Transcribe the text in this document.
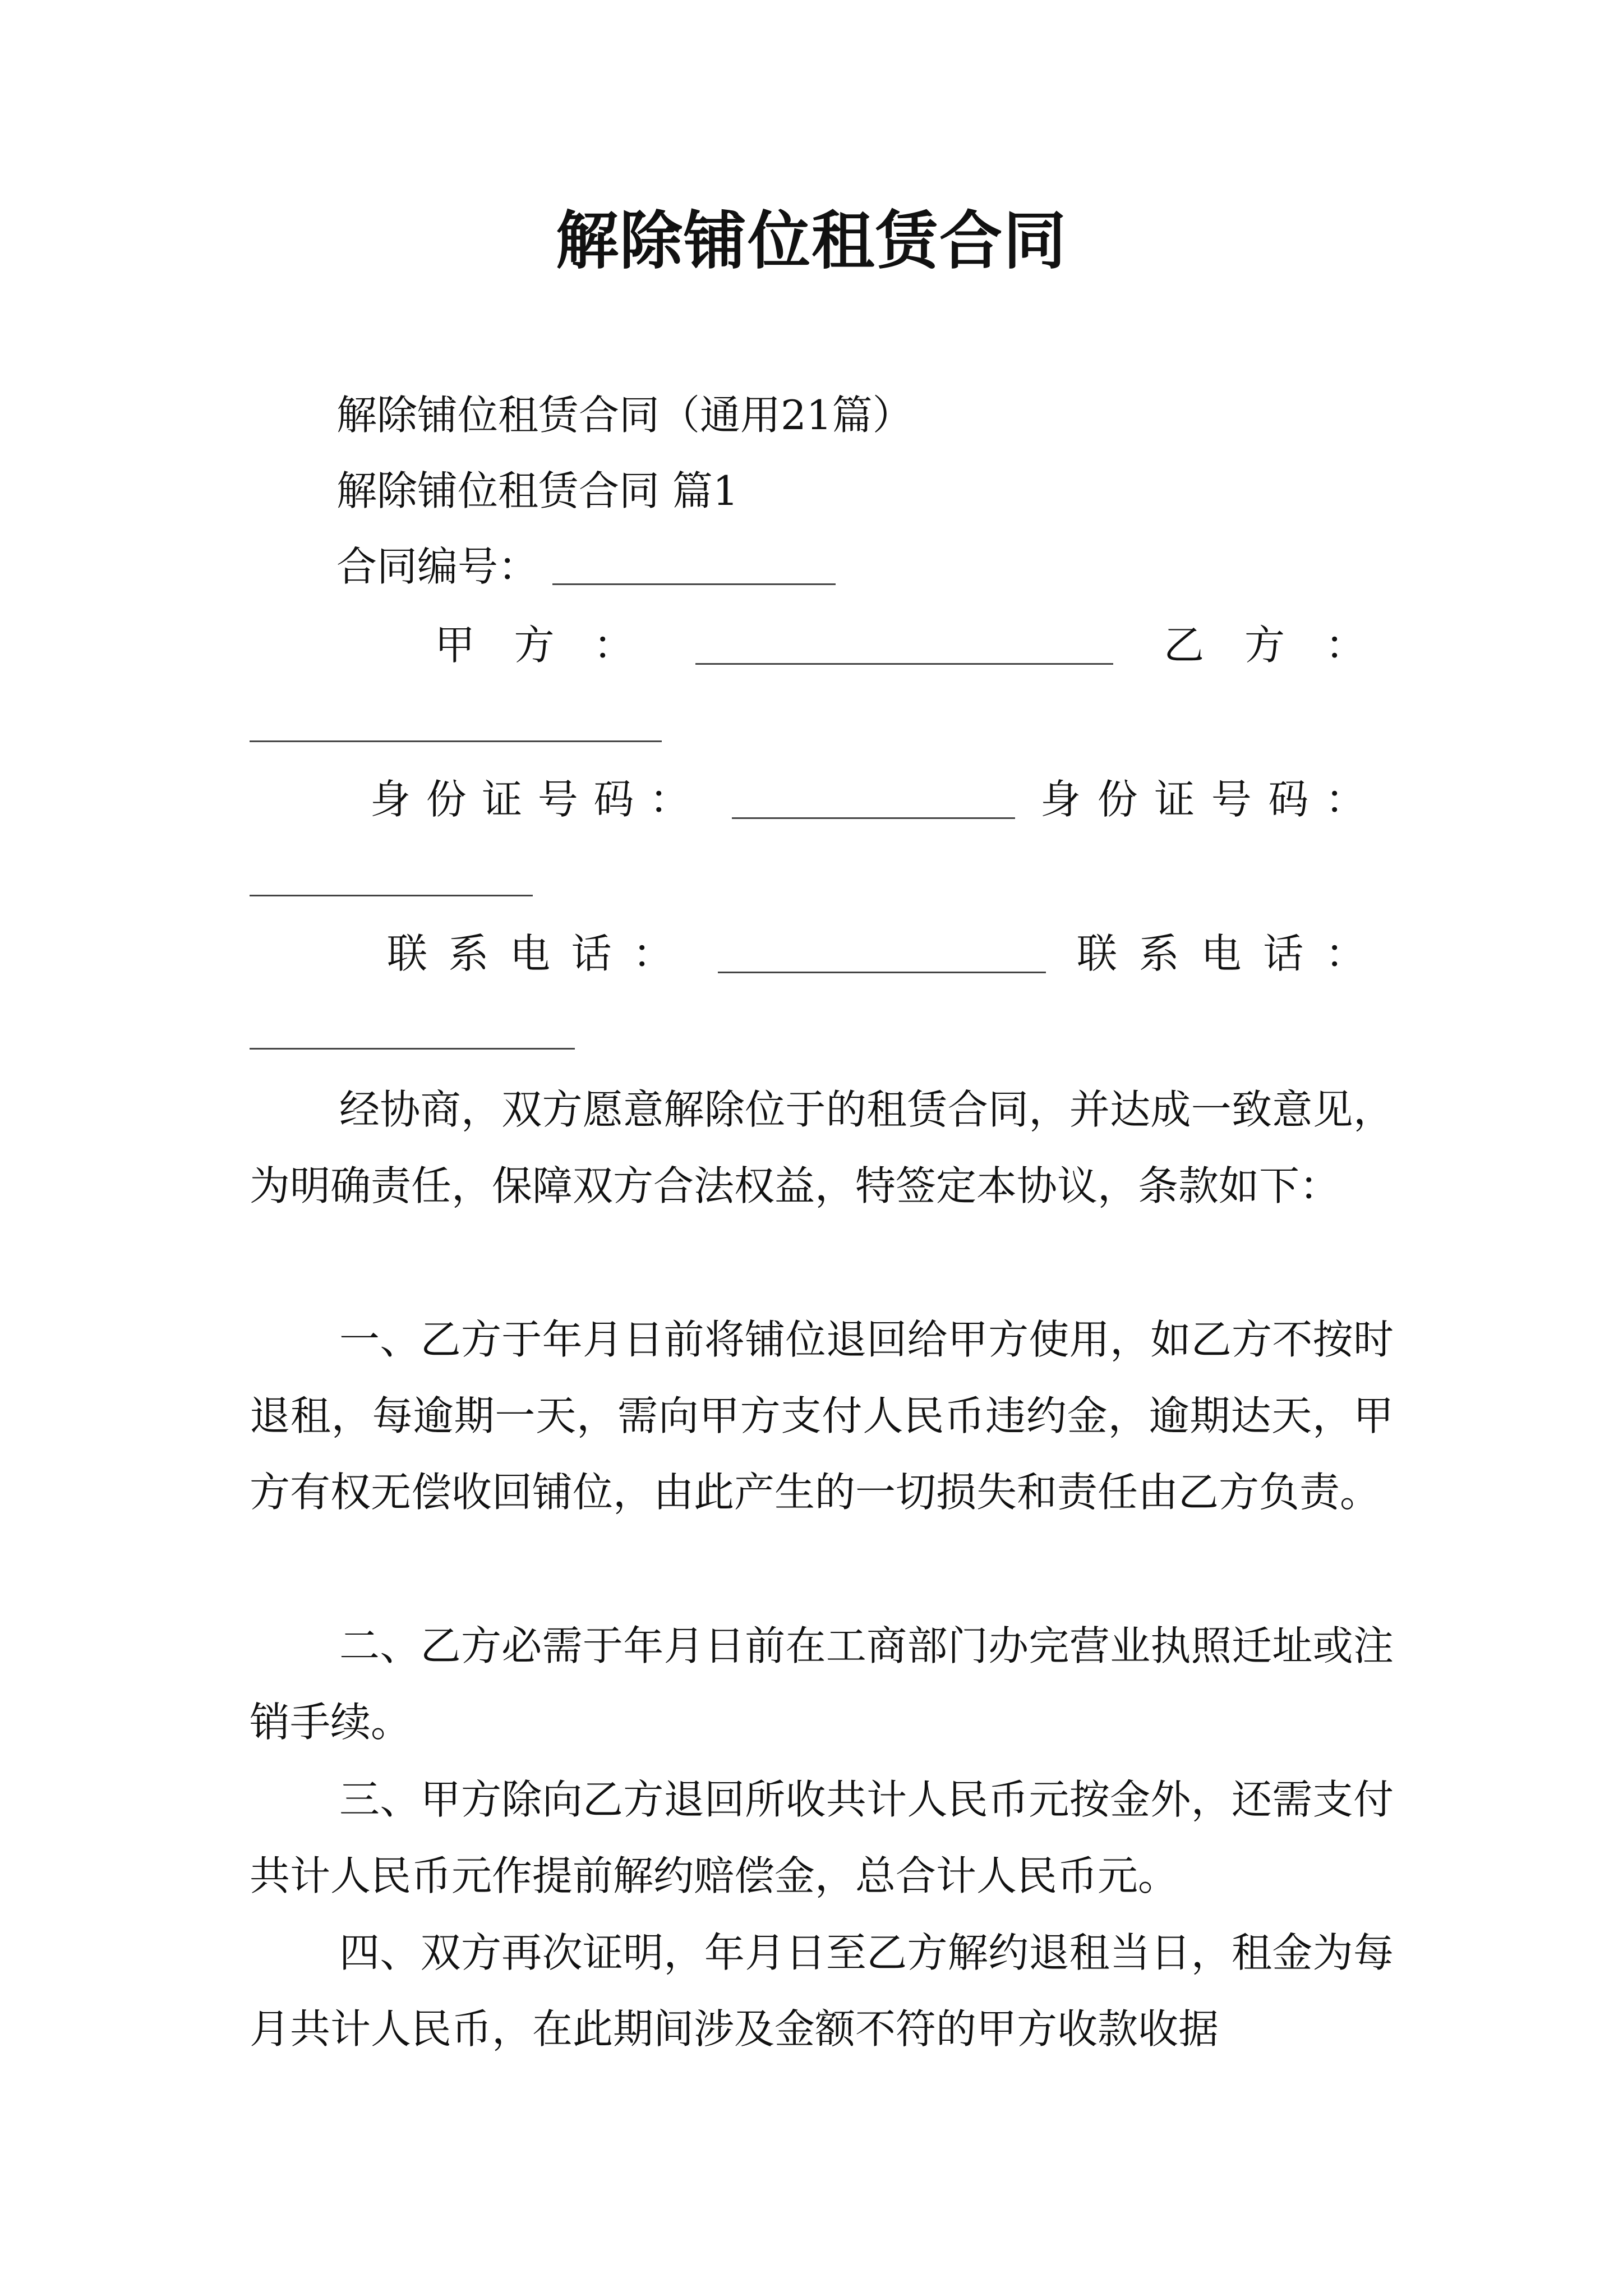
解除铺位租赁合同
解除铺位租赁合同（通用21篇）
解除铺位租赁合同 篇1
合同编号：
甲 方 ：	乙 方 ：
身 份 证 号 码 ：	身 份 证 号 码 ：
联 系 电 话 ：	联 系 电 话 ：
经协商，双方愿意解除位于的租赁合同，并达成一致意见，为明确责任，保障双方合法权益，特签定本协议，条款如下：
一、乙方于年月日前将铺位退回给甲方使用，如乙方不按时退租，每逾期一天，需向甲方支付人民币违约金，逾期达天，甲方有权无偿收回铺位，由此产生的一切损失和责任由乙方负责。
二、乙方必需于年月日前在工商部门办完营业执照迁址或注销手续。
三、甲方除向乙方退回所收共计人民币元按金外，还需支付共计人民币元作提前解约赔偿金，总合计人民币元。
四、双方再次证明，年月日至乙方解约退租当日，租金为每月共计人民币，在此期间涉及金额不符的甲方收款收据
